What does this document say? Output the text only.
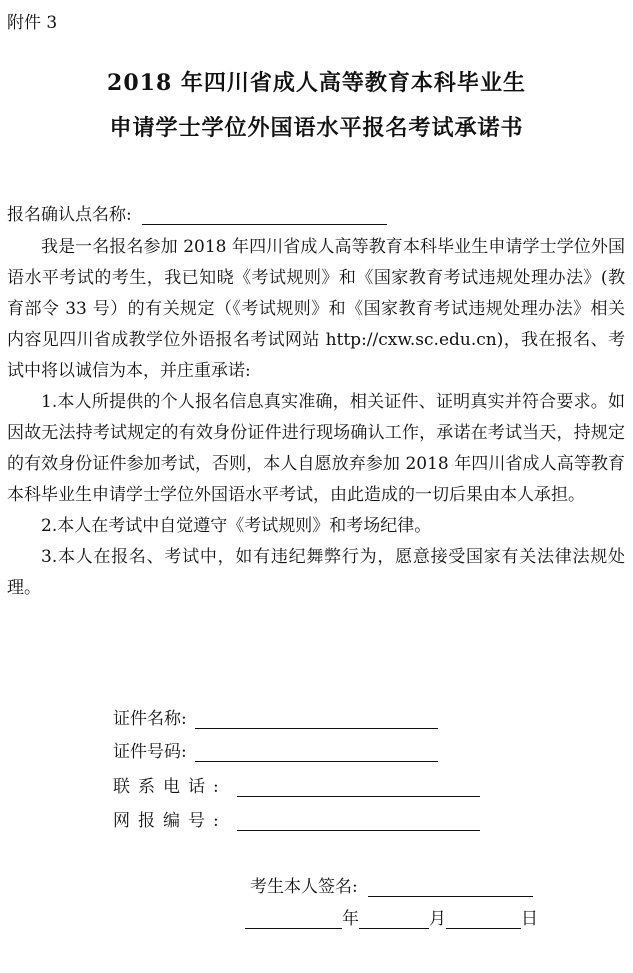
附件 3
2018 年四川省成人高等教育本科毕业生
申请学士学位外国语水平报名考试承诺书
报名确认点名称:

我是一名报名参加 2018 年四川省成人高等教育本科毕业生申请学士学位外国语水平考试的考生，我已知晓《考试规则》和《国家教育考试违规处理办法》(教育部令 33 号）的有关规定（《考试规则》和《国家教育考试违规处理办法》相关内容见四川省成教学位外语报名考试网站 http://cxw.sc.edu.cn)，我在报名、考试中将以诚信为本，并庄重承诺:

1.本人所提供的个人报名信息真实准确，相关证件、证明真实并符合要求。如因故无法持考试规定的有效身份证件进行现场确认工作，承诺在考试当天，持规定的有效身份证件参加考试，否则，本人自愿放弃参加 2018 年四川省成人高等教育本科毕业生申请学士学位外国语水平考试，由此造成的一切后果由本人承担。

2.本人在考试中自觉遵守《考试规则》和考场纪律。

3.本人在报名、考试中，如有违纪舞弊行为，愿意接受国家有关法律法规处理。

证件名称:
证件号码:
联系电话:
网报编号:
考生本人签名:
年	月	日
